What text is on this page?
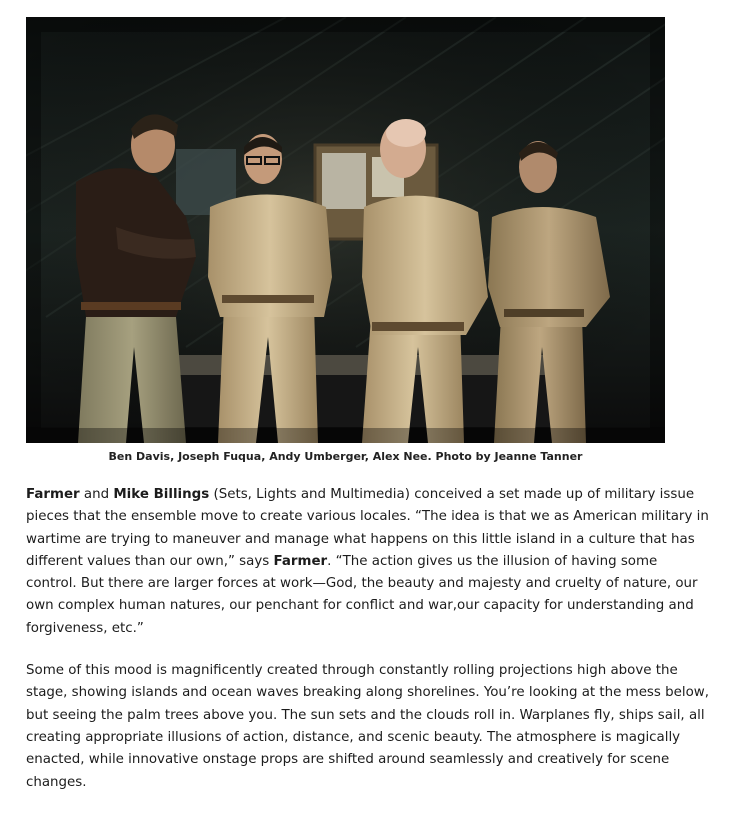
Ben Davis, Joseph Fuqua, Andy Umberger, Alex Nee. Photo by Jeanne Tanner

Farmer and Mike Billings (Sets, Lights and Multimedia) conceived a set made up of military issue pieces that the ensemble move to create various locales. “The idea is that we as American military in wartime are trying to maneuver and manage what happens on this little island in a culture that has different values than our own,” says Farmer. “The action gives us the illusion of having some control. But there are larger forces at work—God, the beauty and majesty and cruelty of nature, our own complex human natures, our penchant for conflict and war,our capacity for understanding and forgiveness, etc.”

Some of this mood is magnificently created through constantly rolling projections high above the stage, showing islands and ocean waves breaking along shorelines. You’re looking at the mess below, but seeing the palm trees above you. The sun sets and the clouds roll in. Warplanes fly, ships sail, all creating appropriate illusions of action, distance, and scenic beauty. The atmosphere is magically enacted, while innovative onstage props are shifted around seamlessly and creatively for scene changes.
